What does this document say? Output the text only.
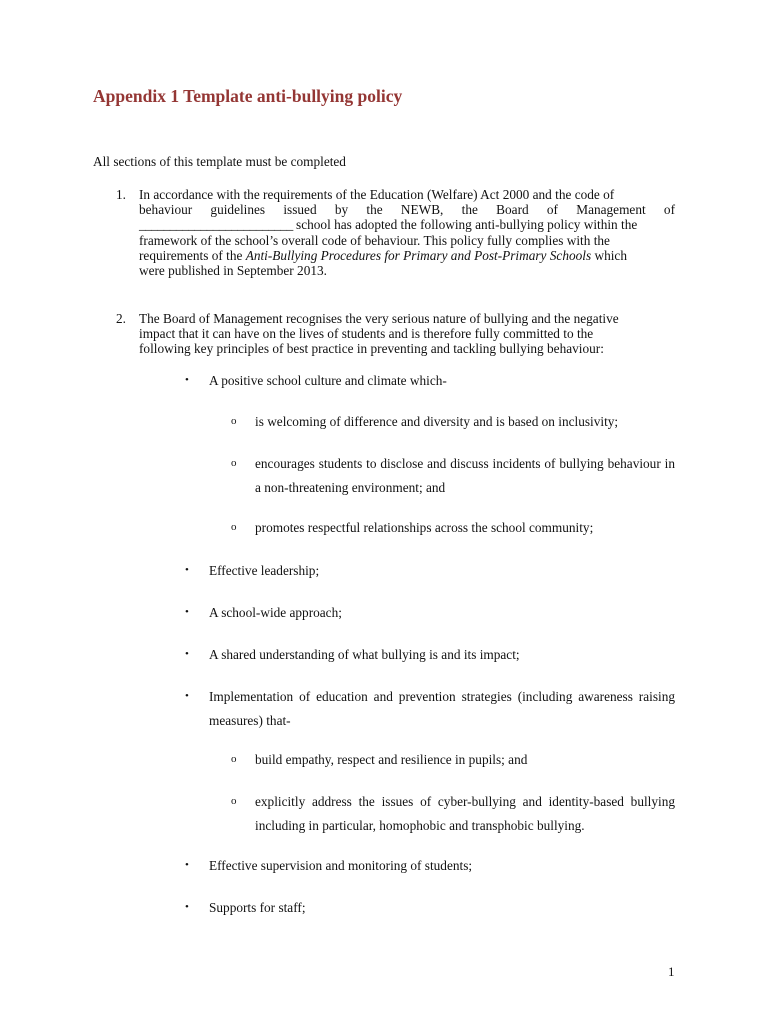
Appendix 1 Template anti-bullying policy
All sections of this template must be completed
1. In accordance with the requirements of the Education (Welfare) Act 2000 and the code of
behaviour guidelines issued by the NEWB, the Board of Management of
_________________________ school has adopted the following anti-bullying policy within the
framework of the school’s overall code of behaviour. This policy fully complies with the
requirements of the Anti-Bullying Procedures for Primary and Post-Primary Schools which
were published in September 2013.
2. The Board of Management recognises the very serious nature of bullying and the negative
impact that it can have on the lives of students and is therefore fully committed to the
following key principles of best practice in preventing and tackling bullying behaviour:
• A positive school culture and climate which-
o is welcoming of difference and diversity and is based on inclusivity;
o encourages students to disclose and discuss incidents of bullying behaviour in a non-threatening environment; and
o promotes respectful relationships across the school community;
• Effective leadership;
• A school-wide approach;
• A shared understanding of what bullying is and its impact;
• Implementation of education and prevention strategies (including awareness raising measures) that-
o build empathy, respect and resilience in pupils; and
o explicitly address the issues of cyber-bullying and identity-based bullying including in particular, homophobic and transphobic bullying.
• Effective supervision and monitoring of students;
• Supports for staff;
1
